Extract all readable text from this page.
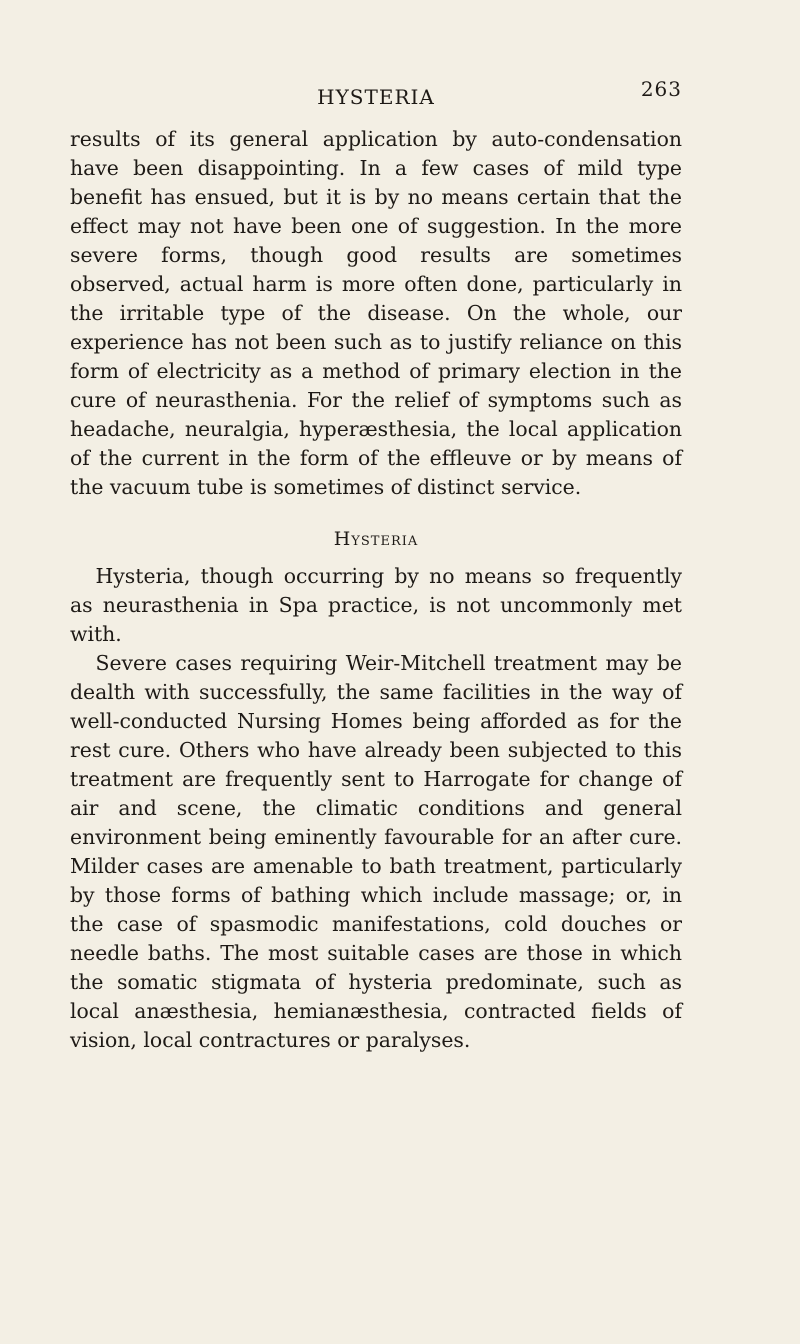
HYSTERIA	263

results of its general application by auto-condensation have been disappointing. In a few cases of mild type benefit has ensued, but it is by no means certain that the effect may not have been one of suggestion. In the more severe forms, though good results are sometimes observed, actual harm is more often done, particularly in the irritable type of the disease. On the whole, our experience has not been such as to justify reliance on this form of electricity as a method of primary election in the cure of neurasthenia. For the relief of symptoms such as headache, neuralgia, hyperæsthesia, the local application of the current in the form of the effleuve or by means of the vacuum tube is sometimes of distinct service.

Hysteria

Hysteria, though occurring by no means so frequently as neurasthenia in Spa practice, is not uncommonly met with.

Severe cases requiring Weir-Mitchell treatment may be dealth with successfully, the same facilities in the way of well-conducted Nursing Homes being afforded as for the rest cure. Others who have already been subjected to this treatment are frequently sent to Harrogate for change of air and scene, the climatic conditions and general environment being eminently favourable for an after cure. Milder cases are amenable to bath treatment, particularly by those forms of bathing which include massage; or, in the case of spasmodic manifestations, cold douches or needle baths. The most suitable cases are those in which the somatic stigmata of hysteria predominate, such as local anæsthesia, hemianæsthesia, contracted fields of vision, local contractures or paralyses.
